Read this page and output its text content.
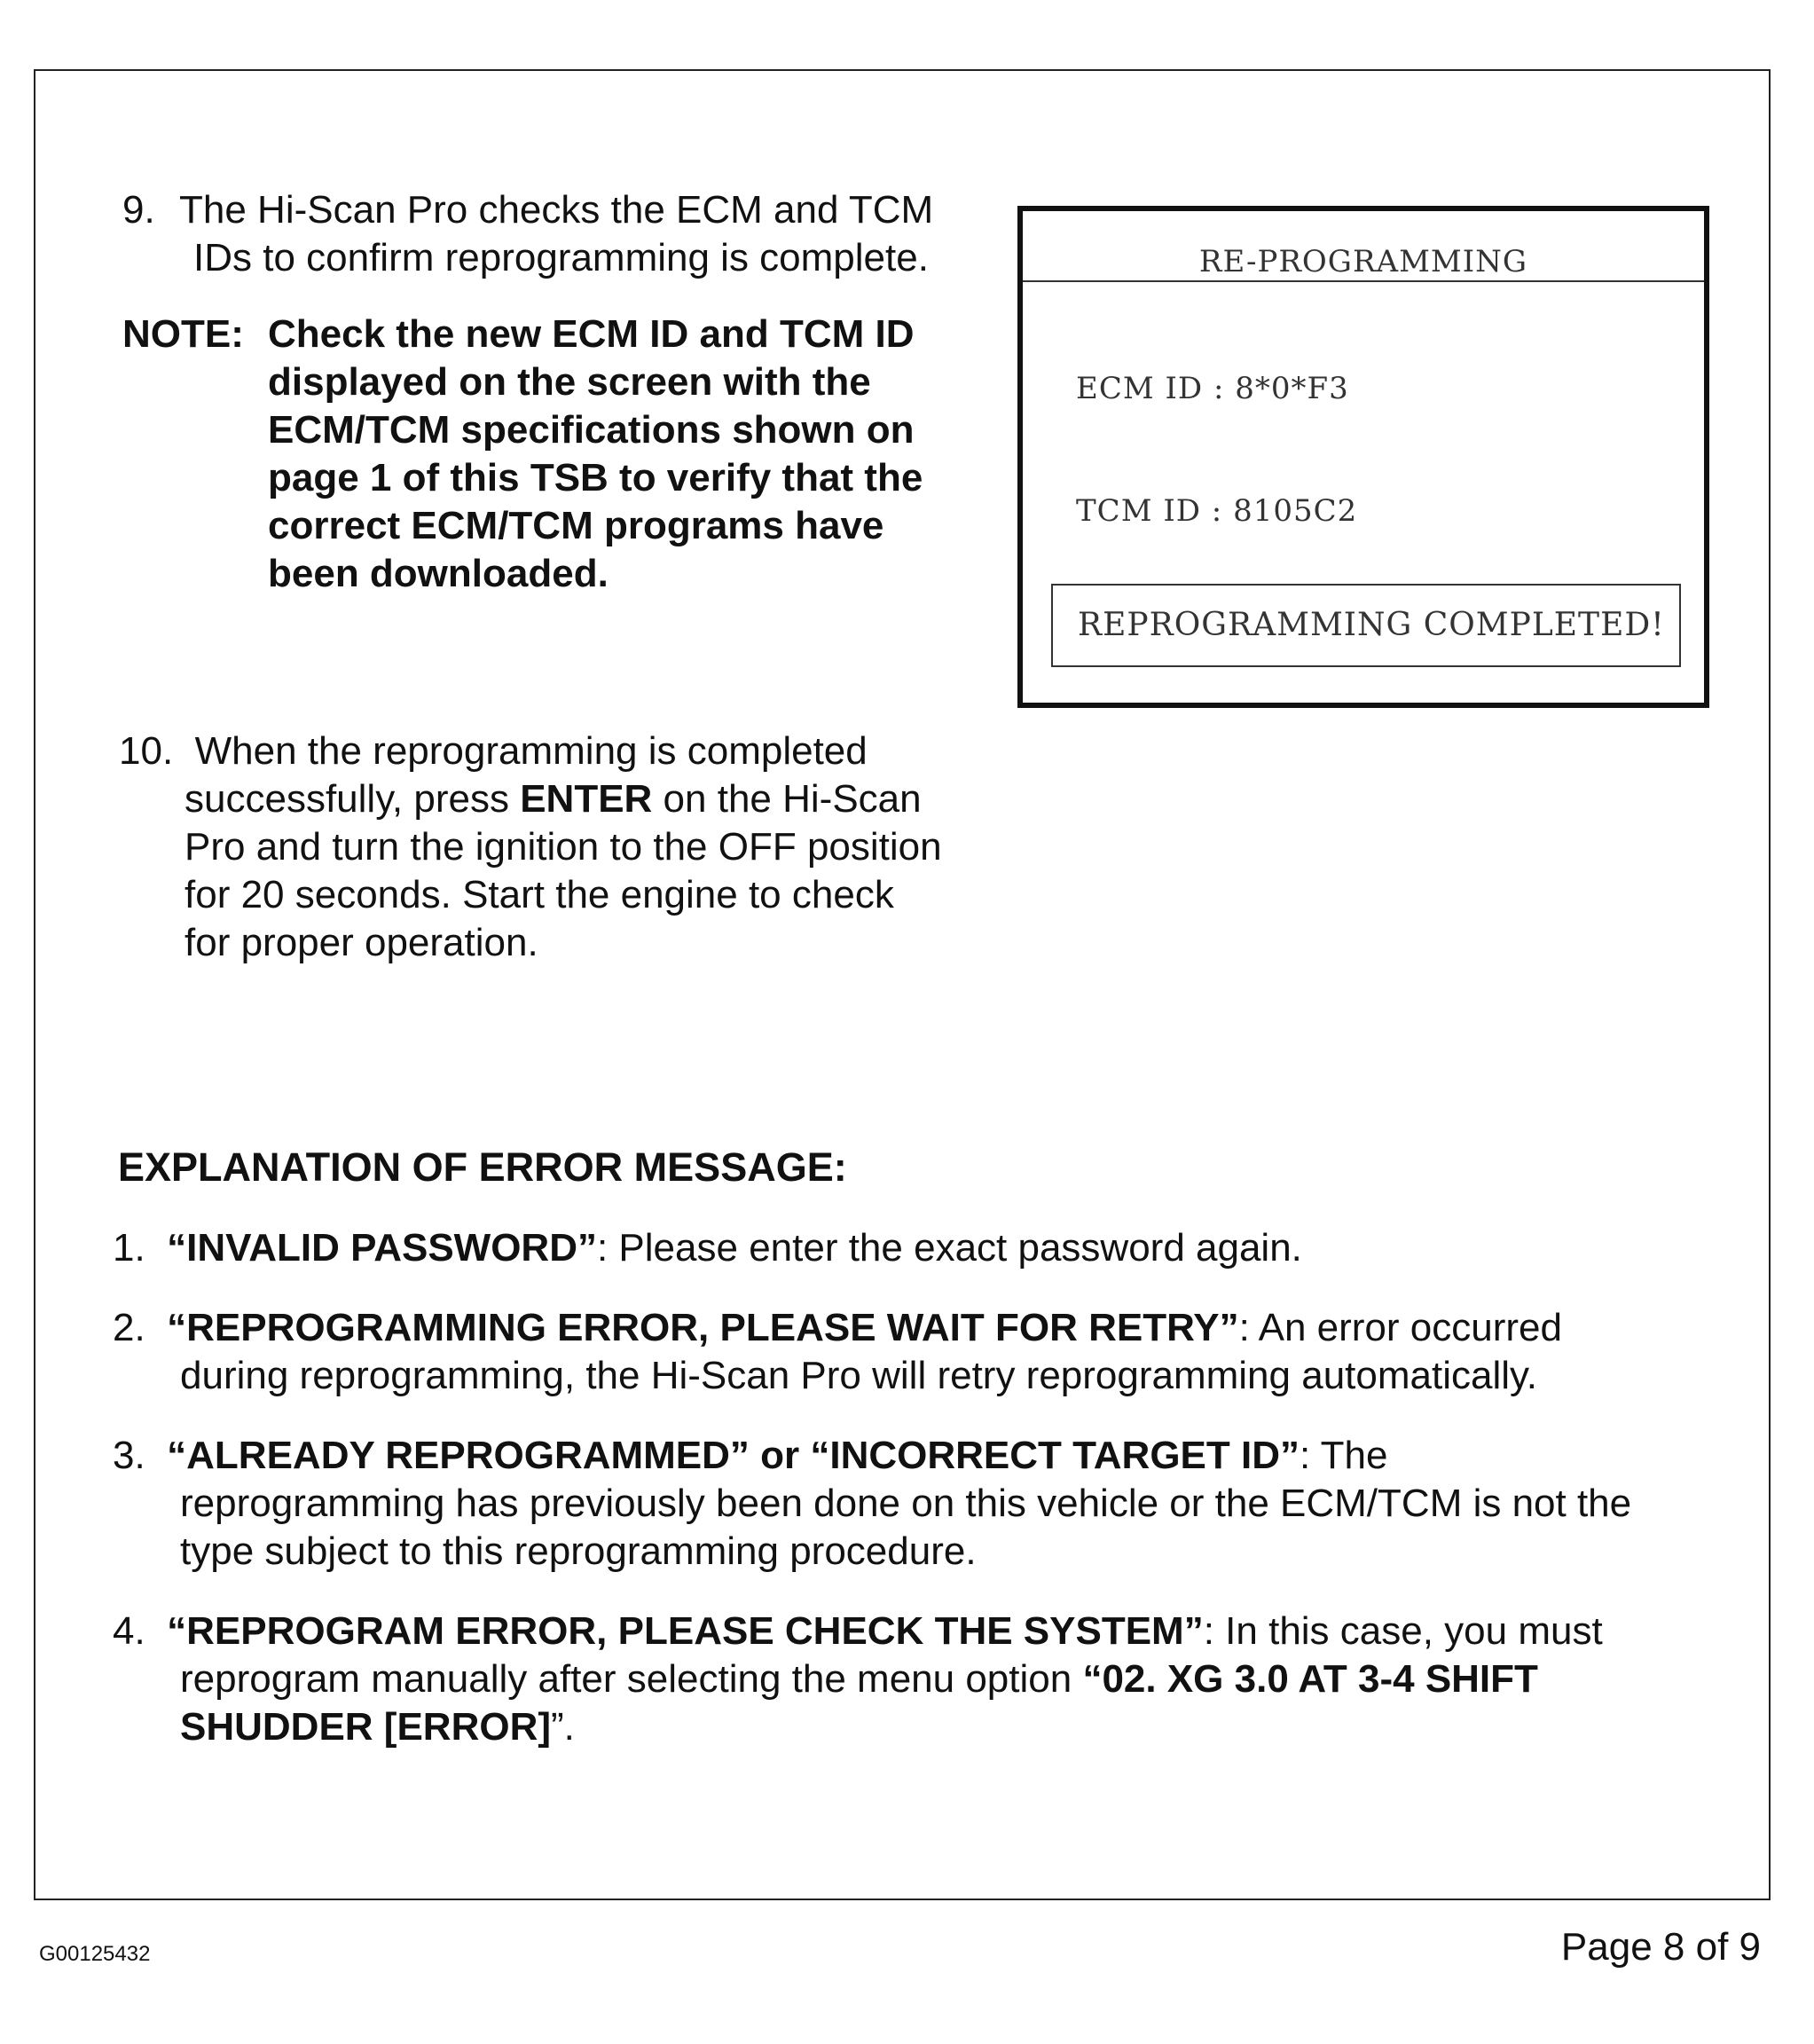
9. The Hi-Scan Pro checks the ECM and TCM
IDs to confirm reprogramming is complete.
NOTE: Check the new ECM ID and TCM ID
displayed on the screen with the
ECM/TCM specifications shown on
page 1 of this TSB to verify that the
correct ECM/TCM programs have
been downloaded.
RE-PROGRAMMING
ECM ID : 8*0*F3
TCM ID : 8105C2
REPROGRAMMING COMPLETED!
10. When the reprogramming is completed
successfully, press ENTER on the Hi-Scan
Pro and turn the ignition to the OFF position
for 20 seconds. Start the engine to check
for proper operation.
EXPLANATION OF ERROR MESSAGE:
1. “INVALID PASSWORD”: Please enter the exact password again.
2. “REPROGRAMMING ERROR, PLEASE WAIT FOR RETRY”: An error occurred
during reprogramming, the Hi-Scan Pro will retry reprogramming automatically.
3. “ALREADY REPROGRAMMED” or “INCORRECT TARGET ID”: The
reprogramming has previously been done on this vehicle or the ECM/TCM is not the
type subject to this reprogramming procedure.
4. “REPROGRAM ERROR, PLEASE CHECK THE SYSTEM”: In this case, you must
reprogram manually after selecting the menu option “02. XG 3.0 AT 3-4 SHIFT
SHUDDER [ERROR]”.
G00125432	Page 8 of 9
